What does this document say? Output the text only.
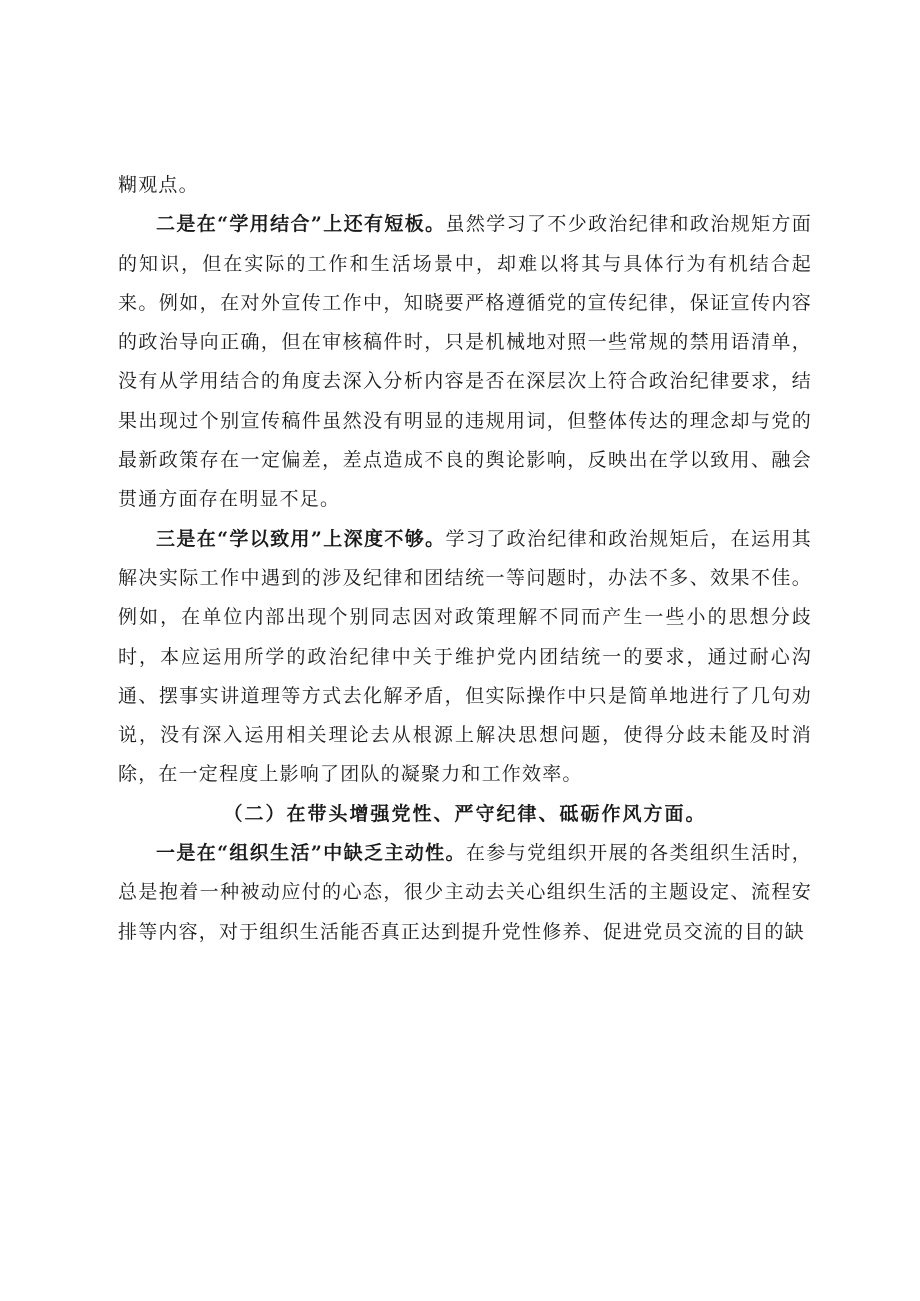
糊观点。

二是在“学用结合”上还有短板。虽然学习了不少政治纪律和政治规矩方面的知识，但在实际的工作和生活场景中，却难以将其与具体行为有机结合起来。例如，在对外宣传工作中，知晓要严格遵循党的宣传纪律，保证宣传内容的政治导向正确，但在审核稿件时，只是机械地对照一些常规的禁用语清单，没有从学用结合的角度去深入分析内容是否在深层次上符合政治纪律要求，结果出现过个别宣传稿件虽然没有明显的违规用词，但整体传达的理念却与党的最新政策存在一定偏差，差点造成不良的舆论影响，反映出在学以致用、融会贯通方面存在明显不足。

三是在“学以致用”上深度不够。学习了政治纪律和政治规矩后，在运用其解决实际工作中遇到的涉及纪律和团结统一等问题时，办法不多、效果不佳。例如，在单位内部出现个别同志因对政策理解不同而产生一些小的思想分歧时，本应运用所学的政治纪律中关于维护党内团结统一的要求，通过耐心沟通、摆事实讲道理等方式去化解矛盾，但实际操作中只是简单地进行了几句劝说，没有深入运用相关理论去从根源上解决思想问题，使得分歧未能及时消除，在一定程度上影响了团队的凝聚力和工作效率。

（二）在带头增强党性、严守纪律、砥砺作风方面。

一是在“组织生活”中缺乏主动性。在参与党组织开展的各类组织生活时，总是抱着一种被动应付的心态，很少主动去关心组织生活的主题设定、流程安排等内容，对于组织生活能否真正达到提升党性修养、促进党员交流的目的缺
